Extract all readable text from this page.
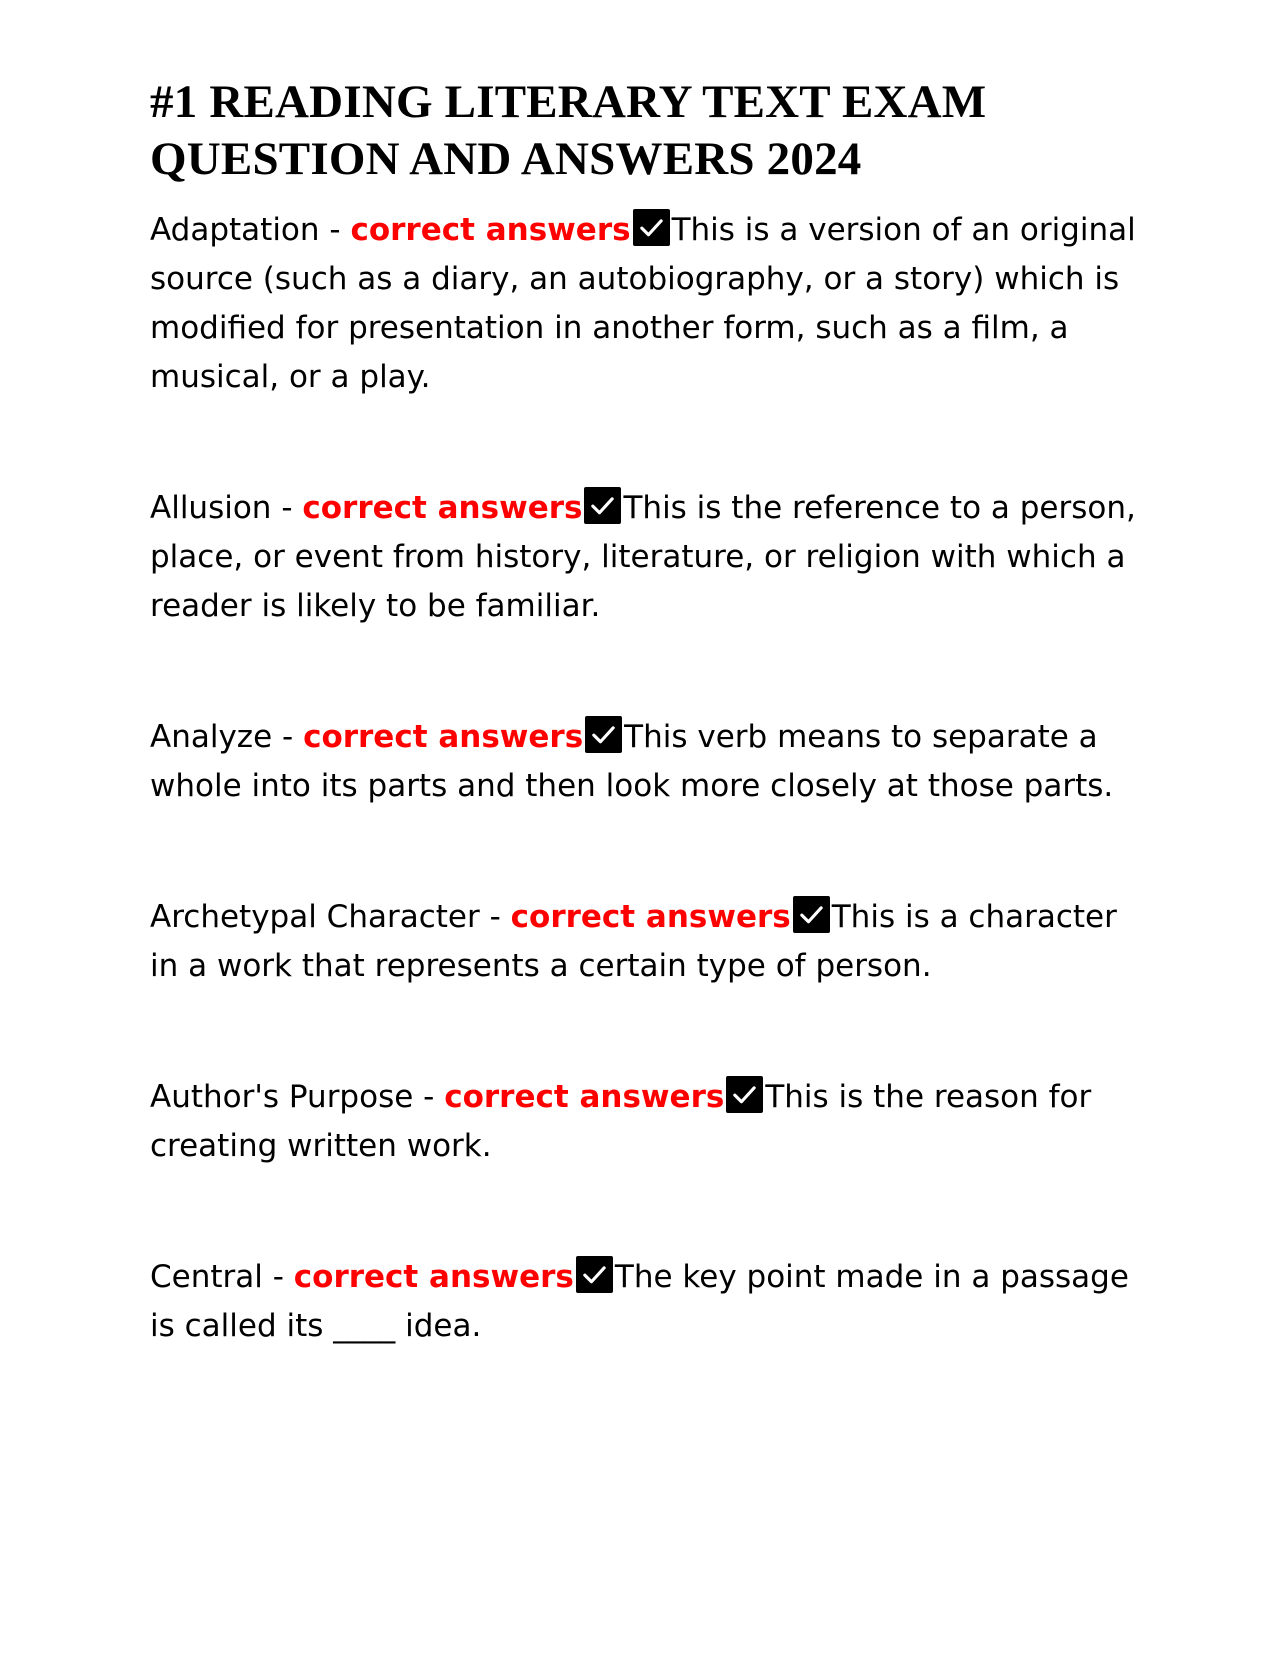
#1 READING LITERARY TEXT EXAM QUESTION AND ANSWERS 2024

Adaptation - correct answers This is a version of an original source (such as a diary, an autobiography, or a story) which is modified for presentation in another form, such as a film, a musical, or a play.

Allusion - correct answers This is the reference to a person, place, or event from history, literature, or religion with which a reader is likely to be familiar.

Analyze - correct answers This verb means to separate a whole into its parts and then look more closely at those parts.

Archetypal Character - correct answers This is a character in a work that represents a certain type of person.

Author's Purpose - correct answers This is the reason for creating written work.

Central - correct answers The key point made in a passage is called its ____ idea.
